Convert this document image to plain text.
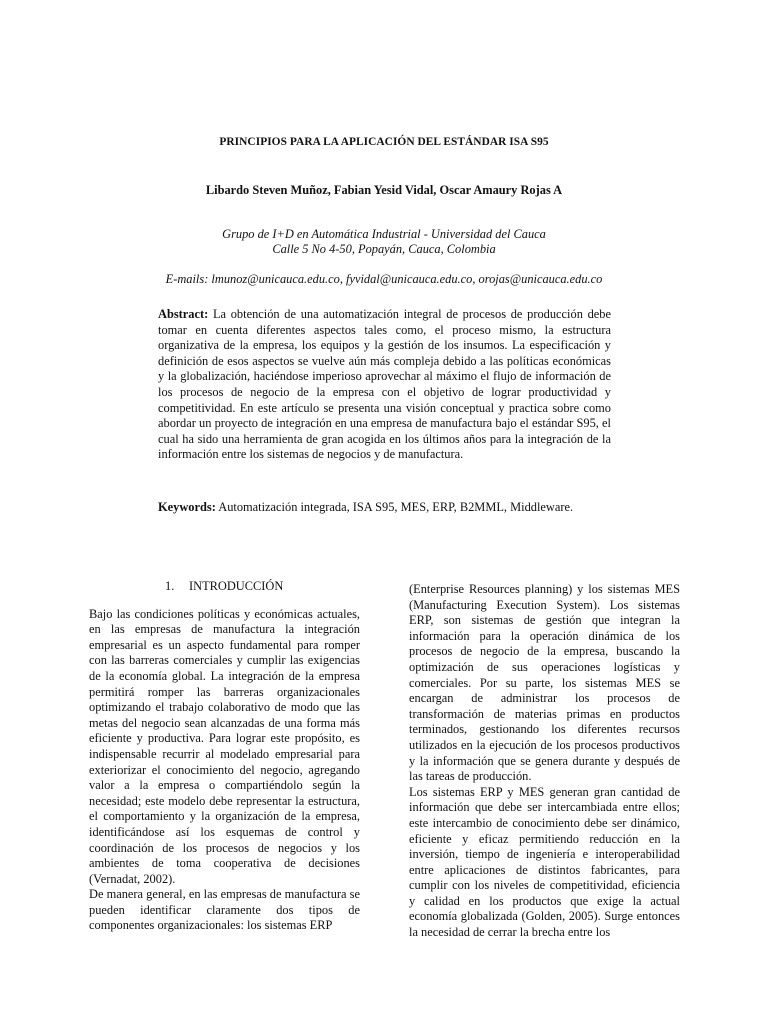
PRINCIPIOS PARA LA APLICACIÓN DEL ESTÁNDAR ISA S95
Libardo Steven Muñoz, Fabian Yesid Vidal, Oscar Amaury Rojas A
Grupo de I+D en Automática Industrial - Universidad del Cauca
Calle 5 No 4-50, Popayán, Cauca, Colombia
E-mails: lmunoz@unicauca.edu.co, fyvidal@unicauca.edu.co, orojas@unicauca.edu.co
Abstract: La obtención de una automatización integral de procesos de producción debe tomar en cuenta diferentes aspectos tales como, el proceso mismo, la estructura organizativa de la empresa, los equipos y la gestión de los insumos. La especificación y definición de esos aspectos se vuelve aún más compleja debido a las políticas económicas y la globalización, haciéndose imperioso aprovechar al máximo el flujo de información de los procesos de negocio de la empresa con el objetivo de lograr productividad y competitividad. En este artículo se presenta una visión conceptual y practica sobre como abordar un proyecto de integración en una empresa de manufactura bajo el estándar S95, el cual ha sido una herramienta de gran acogida en los últimos años para la integración de la información entre los sistemas de negocios y de manufactura.
Keywords: Automatización integrada, ISA S95, MES, ERP, B2MML, Middleware.
1. INTRODUCCIÓN

Bajo las condiciones políticas y económicas actuales, en las empresas de manufactura la integración empresarial es un aspecto fundamental para romper con las barreras comerciales y cumplir las exigencias de la economía global. La integración de la empresa permitirá romper las barreras organizacionales optimizando el trabajo colaborativo de modo que las metas del negocio sean alcanzadas de una forma más eficiente y productiva. Para lograr este propósito, es indispensable recurrir al modelado empresarial para exteriorizar el conocimiento del negocio, agregando valor a la empresa o compartiéndolo según la necesidad; este modelo debe representar la estructura, el comportamiento y la organización de la empresa, identificándose así los esquemas de control y coordinación de los procesos de negocios y los ambientes de toma cooperativa de decisiones (Vernadat, 2002).

De manera general, en las empresas de manufactura se pueden identificar claramente dos tipos de componentes organizacionales: los sistemas ERP

(Enterprise Resources planning) y los sistemas MES (Manufacturing Execution System). Los sistemas ERP, son sistemas de gestión que integran la información para la operación dinámica de los procesos de negocio de la empresa, buscando la optimización de sus operaciones logísticas y comerciales. Por su parte, los sistemas MES se encargan de administrar los procesos de transformación de materias primas en productos terminados, gestionando los diferentes recursos utilizados en la ejecución de los procesos productivos y la información que se genera durante y después de las tareas de producción.

Los sistemas ERP y MES generan gran cantidad de información que debe ser intercambiada entre ellos; este intercambio de conocimiento debe ser dinámico, eficiente y eficaz permitiendo reducción en la inversión, tiempo de ingeniería e interoperabilidad entre aplicaciones de distintos fabricantes, para cumplir con los niveles de competitividad, eficiencia y calidad en los productos que exige la actual economía globalizada (Golden, 2005). Surge entonces la necesidad de cerrar la brecha entre los
